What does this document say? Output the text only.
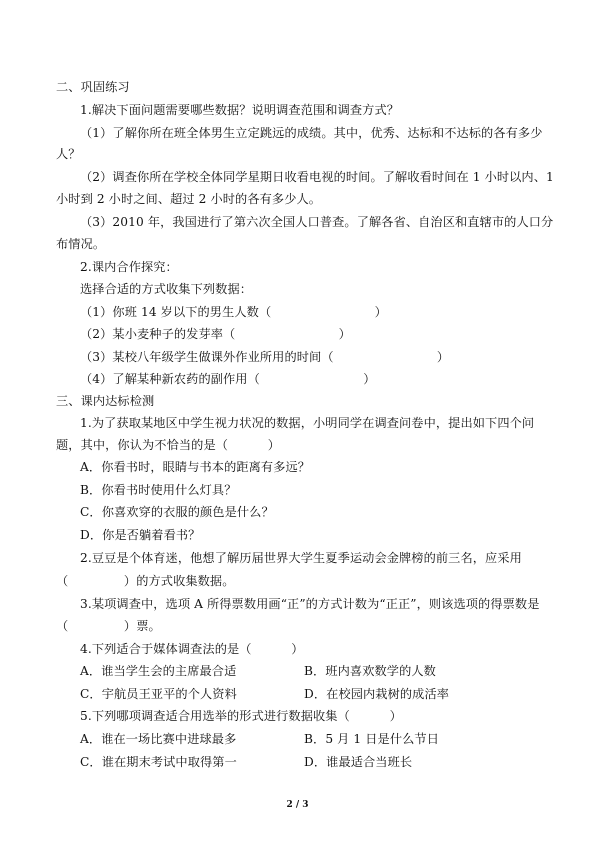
二、巩固练习
1.解决下面问题需要哪些数据？说明调查范围和调查方式？
（1）了解你所在班全体男生立定跳远的成绩。其中，优秀、达标和不达标的各有多少
人？
（2）调查你所在学校全体同学星期日收看电视的时间。了解收看时间在 1 小时以内、1
小时到 2 小时之间、超过 2 小时的各有多少人。
（3）2010 年，我国进行了第六次全国人口普查。了解各省、自治区和直辖市的人口分
布情况。
2.课内合作探究：
选择合适的方式收集下列数据：
（1）你班 14 岁以下的男生人数（                          ）
（2）某小麦种子的发芽率（                          ）
（3）某校八年级学生做课外作业所用的时间（                          ）
（4）了解某种新农药的副作用（                          ）
三、课内达标检测
1.为了获取某地区中学生视力状况的数据，小明同学在调查问卷中，提出如下四个问
题，其中，你认为不恰当的是（          ）
A．你看书时，眼睛与书本的距离有多远？
B．你看书时使用什么灯具？
C．你喜欢穿的衣服的颜色是什么？
D．你是否躺着看书？
2.豆豆是个体育迷，他想了解历届世界大学生夏季运动会金牌榜的前三名，应采用
（              ）的方式收集数据。
3.某项调查中，选项 A 所得票数用画“正”的方式计数为“正正”，则该选项的得票数是
（              ）票。
4.下列适合于媒体调查法的是（          ）
A．谁当学生会的主席最合适	B．班内喜欢数学的人数
C．宇航员王亚平的个人资料	D．在校园内栽树的成活率
5.下列哪项调查适合用选举的形式进行数据收集（          ）
A．谁在一场比赛中进球最多	B．5 月 1 日是什么节日
C．谁在期末考试中取得第一	D．谁最适合当班长
2 / 3
